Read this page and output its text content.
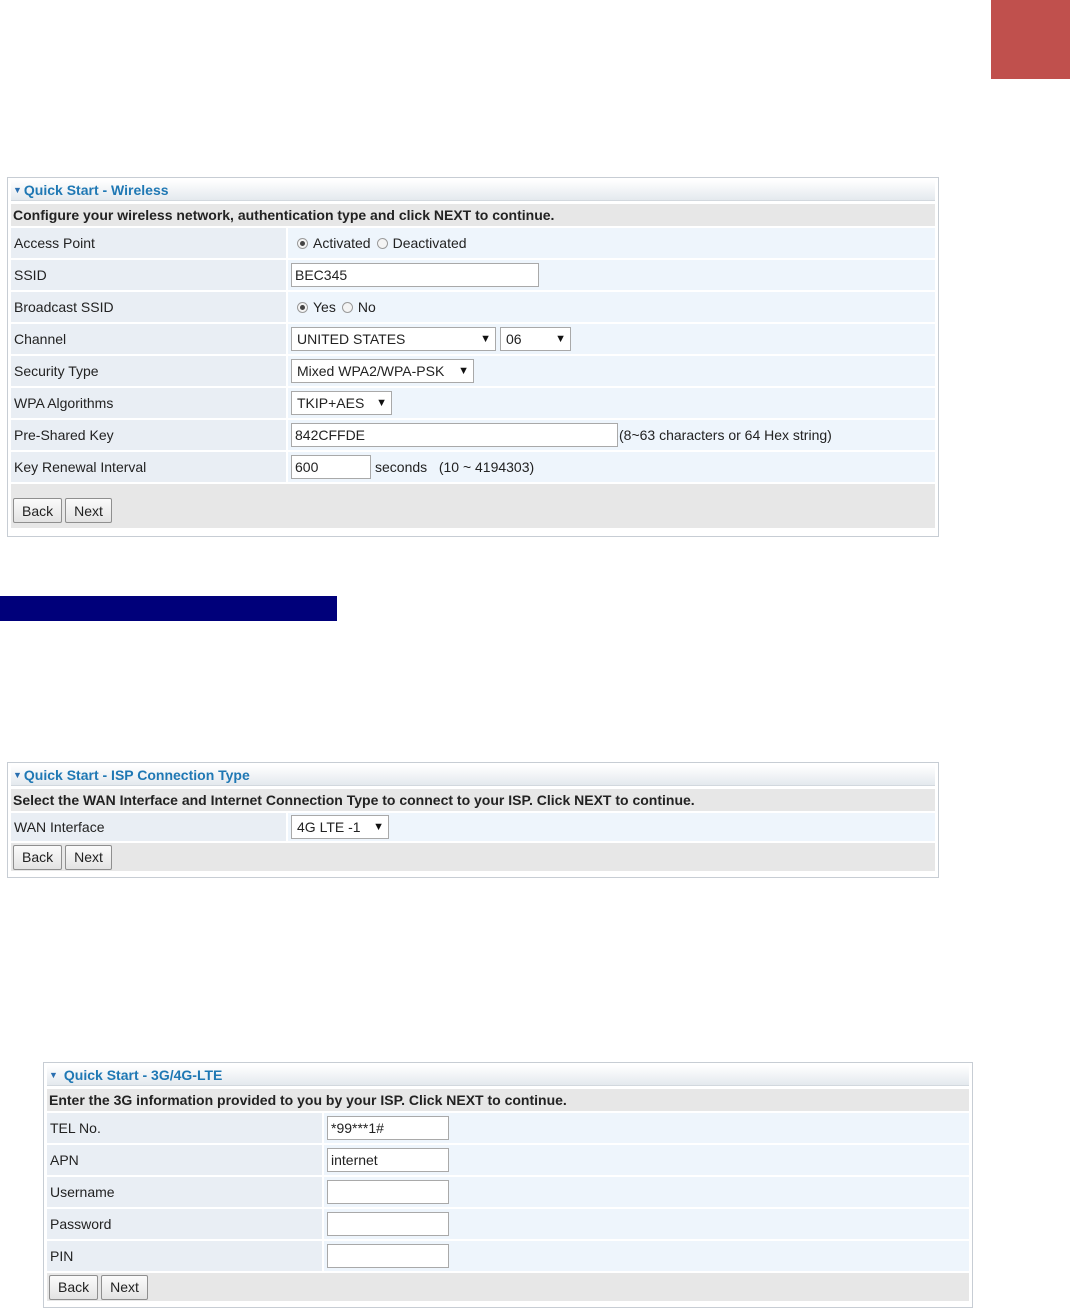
▼ Quick Start - Wireless
Configure your wireless network, authentication type and click NEXT to continue.
Access Point	Activated Deactivated
SSID	BEC345
Broadcast SSID	Yes No
Channel	UNITED STATES	▼ 06	▼
Security Type	Mixed WPA2/WPA-PSK ▼
WPA Algorithms	TKIP+AES ▼
Pre-Shared Key	842CFFDE	(8~63 characters or 64 Hex string)
Key Renewal Interval	600	seconds   (10 ~ 4194303)
Back	Next
▼ Quick Start - ISP Connection Type
Select the WAN Interface and Internet Connection Type to connect to your ISP. Click NEXT to continue.
WAN Interface	4G LTE -1 ▼
Back	Next
▼ Quick Start - 3G/4G-LTE
Enter the 3G information provided to you by your ISP. Click NEXT to continue.
TEL No.	*99***1#
APN	internet
Username
Password
PIN
Back	Next
